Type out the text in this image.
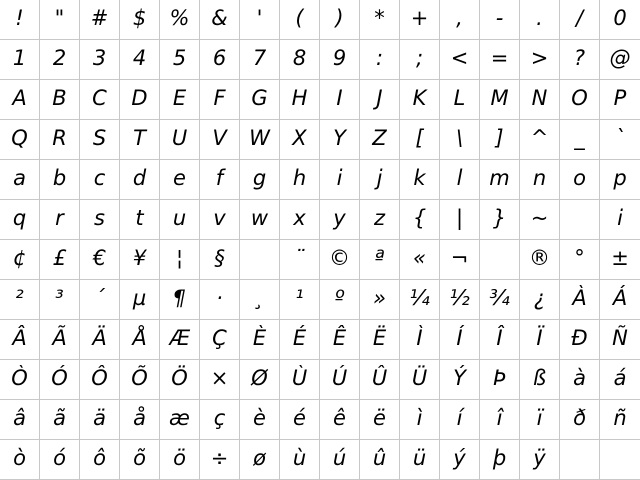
! " # $ % & ' ( ) * + , - . / 0
1 2 3 4 5 6 7 8 9 : ; < = > ? @
A B C D E F G H I J K L M N O P
Q R S T U V W X Y Z [ \ ] ^ _ `
a b c d e f g h i j k l m n o p
q r s t u v w x y z { | } ~	i
¢ £ € ¥ ¦ §	¨ © ª « ¬	® ° ±
² ³ ´ µ ¶ · ¸ ¹ º » ¼ ½ ¾ ¿ À Á
Â Ã Ä Å Æ Ç È É Ê Ë Ì Í Î Ï Ð Ñ
Ò Ó Ô Õ Ö × Ø Ù Ú Û Ü Ý Þ ß à á
â ã ä å æ ç è é ê ë ì í î ï ð ñ
ò ó ô õ ö ÷ ø ù ú û ü ý þ ÿ
